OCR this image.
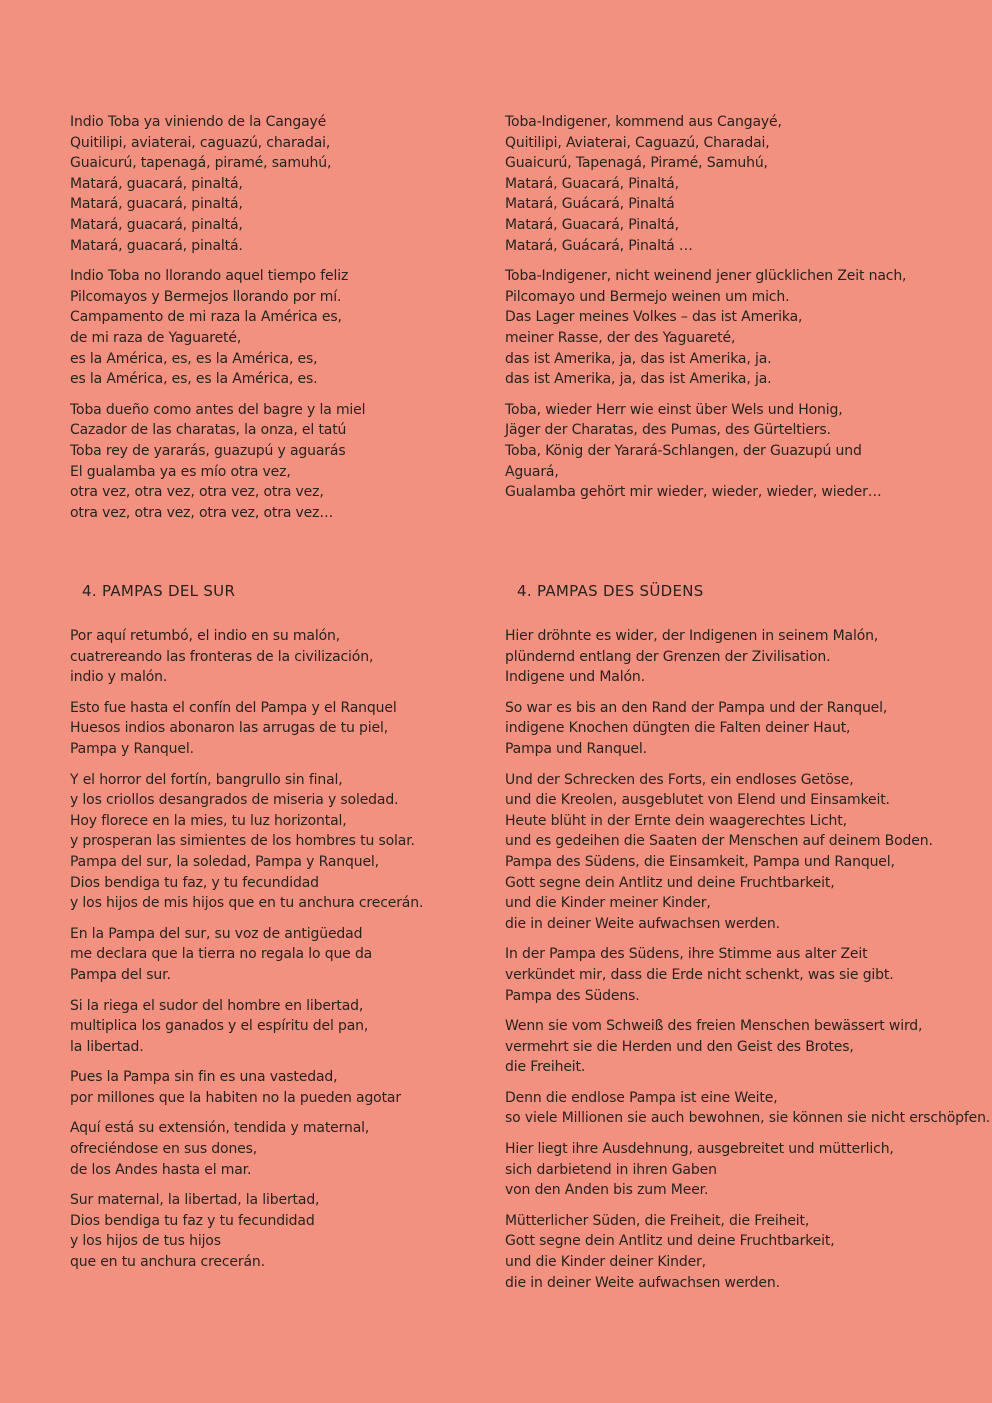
Indio Toba ya viniendo de la Cangayé
Quitilipi, aviaterai, caguazú, charadai,
Guaicurú, tapenagá, piramé, samuhú,
Matará, guacará, pinaltá,
Matará, guacará, pinaltá,
Matará, guacará, pinaltá,
Matará, guacará, pinaltá.
Indio Toba no llorando aquel tiempo feliz
Pilcomayos y Bermejos llorando por mí.
Campamento de mi raza la América es,
de mi raza de Yaguareté,
es la América, es, es la América, es,
es la América, es, es la América, es.
Toba dueño como antes del bagre y la miel
Cazador de las charatas, la onza, el tatú
Toba rey de yararás, guazupú y aguarás
El gualamba ya es mío otra vez,
otra vez, otra vez, otra vez, otra vez,
otra vez, otra vez, otra vez, otra vez…
Toba-Indigener, kommend aus Cangayé,
Quitilipi, Aviaterai, Caguazú, Charadai,
Guaicurú, Tapenagá, Piramé, Samuhú,
Matará, Guacará, Pinaltá,
Matará, Guácará, Pinaltá
Matará, Guacará, Pinaltá,
Matará, Guácará, Pinaltá …
Toba-Indigener, nicht weinend jener glücklichen Zeit nach,
Pilcomayo und Bermejo weinen um mich.
Das Lager meines Volkes – das ist Amerika,
meiner Rasse, der des Yaguareté,
das ist Amerika, ja, das ist Amerika, ja.
das ist Amerika, ja, das ist Amerika, ja.
Toba, wieder Herr wie einst über Wels und Honig,
Jäger der Charatas, des Pumas, des Gürteltiers.
Toba, König der Yarará-Schlangen, der Guazupú und
Aguará,
Gualamba gehört mir wieder, wieder, wieder, wieder…
4. PAMPAS DEL SUR	4. PAMPAS DES SÜDENS
Por aquí retumbó, el indio en su malón,
cuatrereando las fronteras de la civilización,
indio y malón.
Esto fue hasta el confín del Pampa y el Ranquel
Huesos indios abonaron las arrugas de tu piel,
Pampa y Ranquel.
Y el horror del fortín, bangrullo sin final,
y los criollos desangrados de miseria y soledad.
Hoy florece en la mies, tu luz horizontal,
y prosperan las simientes de los hombres tu solar.
Pampa del sur, la soledad, Pampa y Ranquel,
Dios bendiga tu faz, y tu fecundidad
y los hijos de mis hijos que en tu anchura crecerán.
En la Pampa del sur, su voz de antigüedad
me declara que la tierra no regala lo que da
Pampa del sur.
Si la riega el sudor del hombre en libertad,
multiplica los ganados y el espíritu del pan,
la libertad.
Pues la Pampa sin fin es una vastedad,
por millones que la habiten no la pueden agotar
Aquí está su extensión, tendida y maternal,
ofreciéndose en sus dones,
de los Andes hasta el mar.
Sur maternal, la libertad, la libertad,
Dios bendiga tu faz y tu fecundidad
y los hijos de tus hijos
que en tu anchura crecerán.
Hier dröhnte es wider, der Indigenen in seinem Malón,
plündernd entlang der Grenzen der Zivilisation.
Indigene und Malón.
So war es bis an den Rand der Pampa und der Ranquel,
indigene Knochen düngten die Falten deiner Haut,
Pampa und Ranquel.
Und der Schrecken des Forts, ein endloses Getöse,
und die Kreolen, ausgeblutet von Elend und Einsamkeit.
Heute blüht in der Ernte dein waagerechtes Licht,
und es gedeihen die Saaten der Menschen auf deinem Boden.
Pampa des Südens, die Einsamkeit, Pampa und Ranquel,
Gott segne dein Antlitz und deine Fruchtbarkeit,
und die Kinder meiner Kinder,
die in deiner Weite aufwachsen werden.
In der Pampa des Südens, ihre Stimme aus alter Zeit
verkündet mir, dass die Erde nicht schenkt, was sie gibt.
Pampa des Südens.
Wenn sie vom Schweiß des freien Menschen bewässert wird,
vermehrt sie die Herden und den Geist des Brotes,
die Freiheit.
Denn die endlose Pampa ist eine Weite,
so viele Millionen sie auch bewohnen, sie können sie nicht erschöpfen.
Hier liegt ihre Ausdehnung, ausgebreitet und mütterlich,
sich darbietend in ihren Gaben
von den Anden bis zum Meer.
Mütterlicher Süden, die Freiheit, die Freiheit,
Gott segne dein Antlitz und deine Fruchtbarkeit,
und die Kinder deiner Kinder,
die in deiner Weite aufwachsen werden.
